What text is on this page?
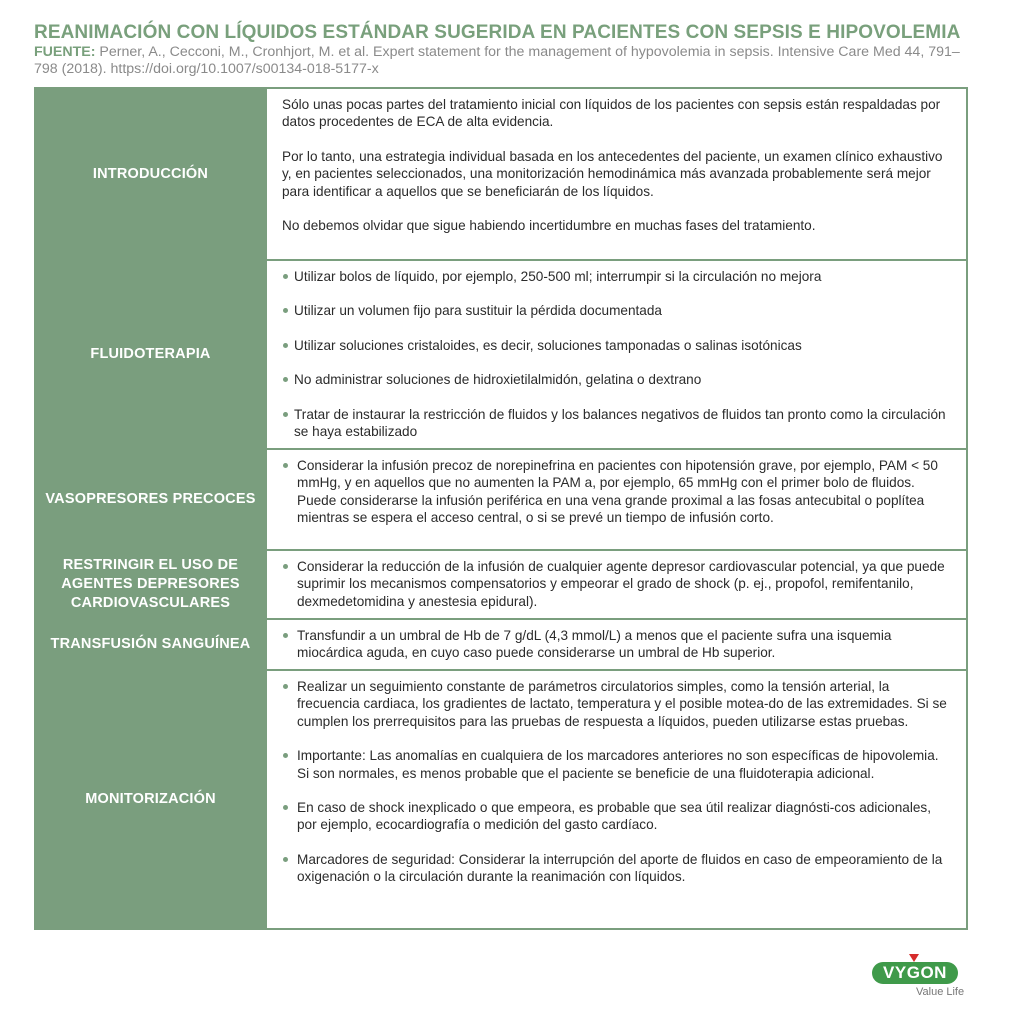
REANIMACIÓN CON LÍQUIDOS ESTÁNDAR SUGERIDA EN PACIENTES CON SEPSIS E HIPOVOLEMIA
FUENTE: Perner, A., Cecconi, M., Cronhjort, M. et al. Expert statement for the management of hypovolemia in sepsis. Intensive Care Med 44, 791–798 (2018). https://doi.org/10.1007/s00134-018-5177-x
INTRODUCCIÓN

Sólo unas pocas partes del tratamiento inicial con líquidos de los pacientes con sepsis están respaldadas por datos procedentes de ECA de alta evidencia.

Por lo tanto, una estrategia individual basada en los antecedentes del paciente, un examen clínico exhaustivo y, en pacientes seleccionados, una monitorización hemodinámica más avanzada probablemente será mejor para identificar a aquellos que se beneficiarán de los líquidos.

No debemos olvidar que sigue habiendo incertidumbre en muchas fases del tratamiento.

FLUIDOTERAPIA
Utilizar bolos de líquido, por ejemplo, 250-500 ml; interrumpir si la circulación no mejora
Utilizar un volumen fijo para sustituir la pérdida documentada
Utilizar soluciones cristaloides, es decir, soluciones tamponadas o salinas isotónicas
No administrar soluciones de hidroxietilalmidón, gelatina o dextrano
Tratar de instaurar la restricción de fluidos y los balances negativos de fluidos tan pronto como la circulación se haya estabilizado
VASOPRESORES PRECOCES
Considerar la infusión precoz de norepinefrina en pacientes con hipotensión grave, por ejemplo, PAM < 50 mmHg, y en aquellos que no aumenten la PAM a, por ejemplo, 65 mmHg con el primer bolo de fluidos. Puede considerarse la infusión periférica en una vena grande proximal a las fosas antecubital o poplítea mientras se espera el acceso central, o si se prevé un tiempo de infusión corto.
RESTRINGIR EL USO DE AGENTES DEPRESORES CARDIOVASCULARES
Considerar la reducción de la infusión de cualquier agente depresor cardiovascular potencial, ya que puede suprimir los mecanismos compensatorios y empeorar el grado de shock (p. ej., propofol, remifentanilo, dexmedetomidina y anestesia epidural).
TRANSFUSIÓN SANGUÍNEA
Transfundir a un umbral de Hb de 7 g/dL (4,3 mmol/L) a menos que el paciente sufra una isquemia miocárdica aguda, en cuyo caso puede considerarse un umbral de Hb superior.
MONITORIZACIÓN
Realizar un seguimiento constante de parámetros circulatorios simples, como la tensión arterial, la frecuencia cardiaca, los gradientes de lactato, temperatura y el posible motea-do de las extremidades. Si se cumplen los prerrequisitos para las pruebas de respuesta a líquidos, pueden utilizarse estas pruebas.
Importante: Las anomalías en cualquiera de los marcadores anteriores no son específicas de hipovolemia. Si son normales, es menos probable que el paciente se beneficie de una fluidoterapia adicional.
En caso de shock inexplicado o que empeora, es probable que sea útil realizar diagnósti-cos adicionales, por ejemplo, ecocardiografía o medición del gasto cardíaco.
Marcadores de seguridad: Considerar la interrupción del aporte de fluidos en caso de empeoramiento de la oxigenación o la circulación durante la reanimación con líquidos.
VYGON
Value Life
